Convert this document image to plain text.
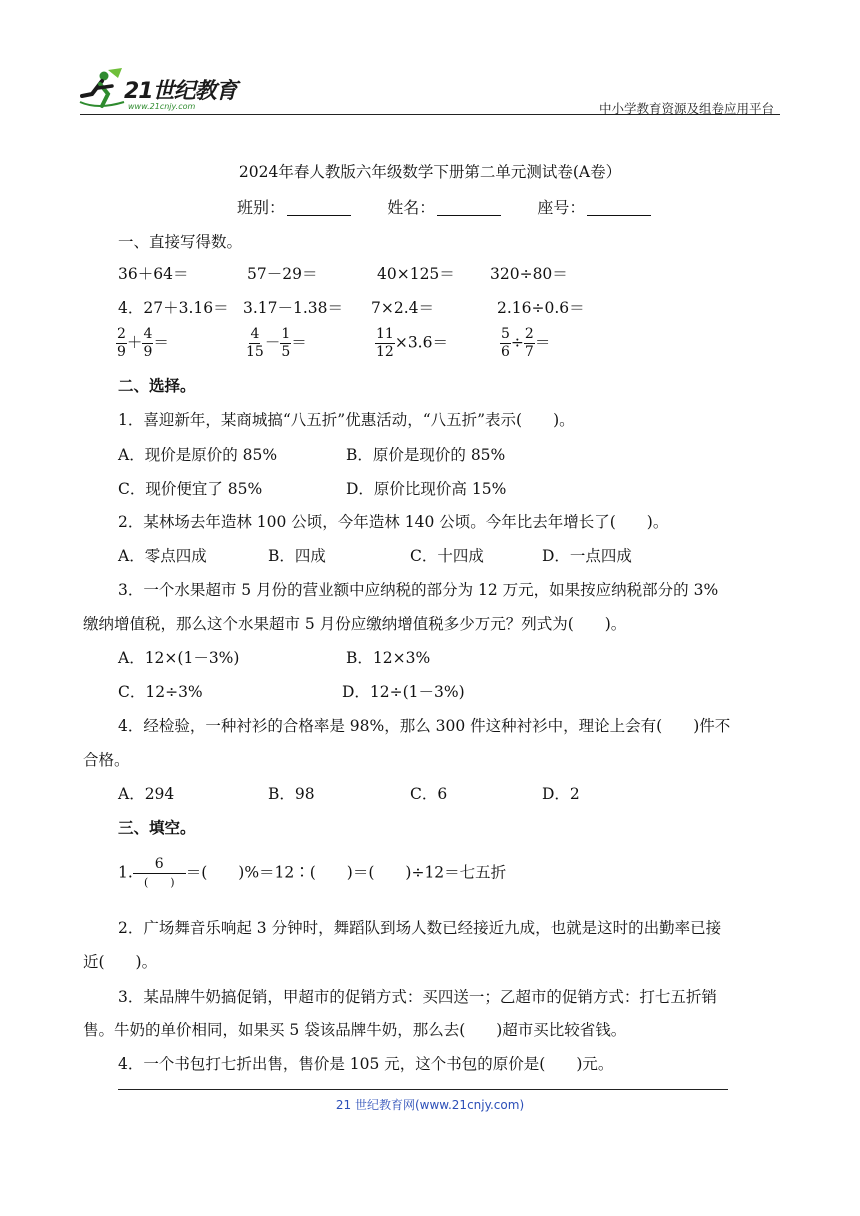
21世纪教育
www.21cnjy.com	中小学教育资源及组卷应用平台
2024年春人教版六年级数学下册第二单元测试卷(A卷）
班别：	姓名：	座号：
一、直接写得数。
36＋64＝	57－29＝	40×125＝ 320÷80＝
4．27＋3.16＝ 3.17－1.38＝ 7×2.4＝	2.16÷0.6＝
$\frac{2}{9} + \frac{4}{9}$ ＝	$\frac{4}{15} - \frac{1}{5}$ ＝	$\frac{11}{12} \times 3.6=$	$\frac{5}{6} \div \frac{2}{7}$ ＝
二、选择。
1．喜迎新年，某商城搞“八五折”优惠活动，“八五折”表示(　　)。
A．现价是原价的 85%	B．原价是现价的 85%
C．现价便宜了 85%	D．原价比现价高 15%
2．某林场去年造林 100 公顷，今年造林 140 公顷。今年比去年增长了(　　)。
A．零点四成	B．四成	C．十四成	D．一点四成
3．一个水果超市 5 月份的营业额中应纳税的部分为 12 万元，如果按应纳税部分的 3%
缴纳增值税，那么这个水果超市 5 月份应缴纳增值税多少万元？列式为(　　)。
A．12×(1－3%)	B．12×3%
C．12÷3%	D．12÷(1－3%)
4．经检验，一种衬衫的合格率是 98%，那么 300 件这种衬衫中，理论上会有(　　)件不
合格。
A．294	B．98	C．6	D．2
三、填空。
1. $\frac{6}{( )}$ ＝(　　)%＝12∶(　　)＝(　　)÷12＝七五折
2．广场舞音乐响起 3 分钟时，舞蹈队到场人数已经接近九成，也就是这时的出勤率已接
近(　　)。
3．某品牌牛奶搞促销，甲超市的促销方式：买四送一；乙超市的促销方式：打七五折销
售。牛奶的单价相同，如果买 5 袋该品牌牛奶，那么去(　　)超市买比较省钱。
4．一个书包打七折出售，售价是 105 元，这个书包的原价是(　　)元。
21 世纪教育网(www.21cnjy.com)
